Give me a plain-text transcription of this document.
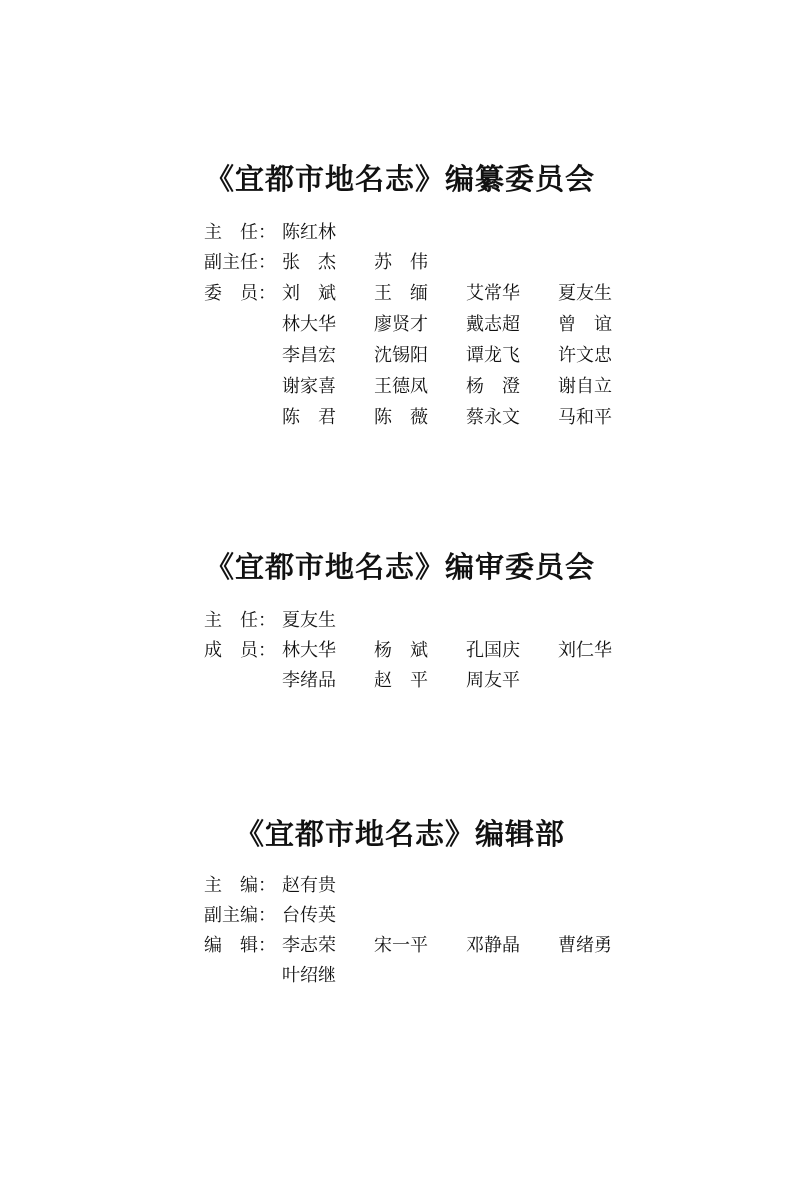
《宜都市地名志》编纂委员会
主　任： 陈红林
副主任： 张　杰	苏　伟
委　员： 刘　斌	王　缅	艾常华	夏友生
林大华	廖贤才	戴志超	曾　谊
李昌宏	沈锡阳	谭龙飞	许文忠
谢家喜	王德凤	杨　澄	谢自立
陈　君	陈　薇	蔡永文	马和平
《宜都市地名志》编审委员会
主　任： 夏友生
成　员： 林大华	杨　斌	孔国庆	刘仁华
李绪品	赵　平	周友平
《宜都市地名志》编辑部
主　编： 赵有贵
副主编： 台传英
编　辑： 李志荣	宋一平	邓静晶	曹绪勇
叶绍继
